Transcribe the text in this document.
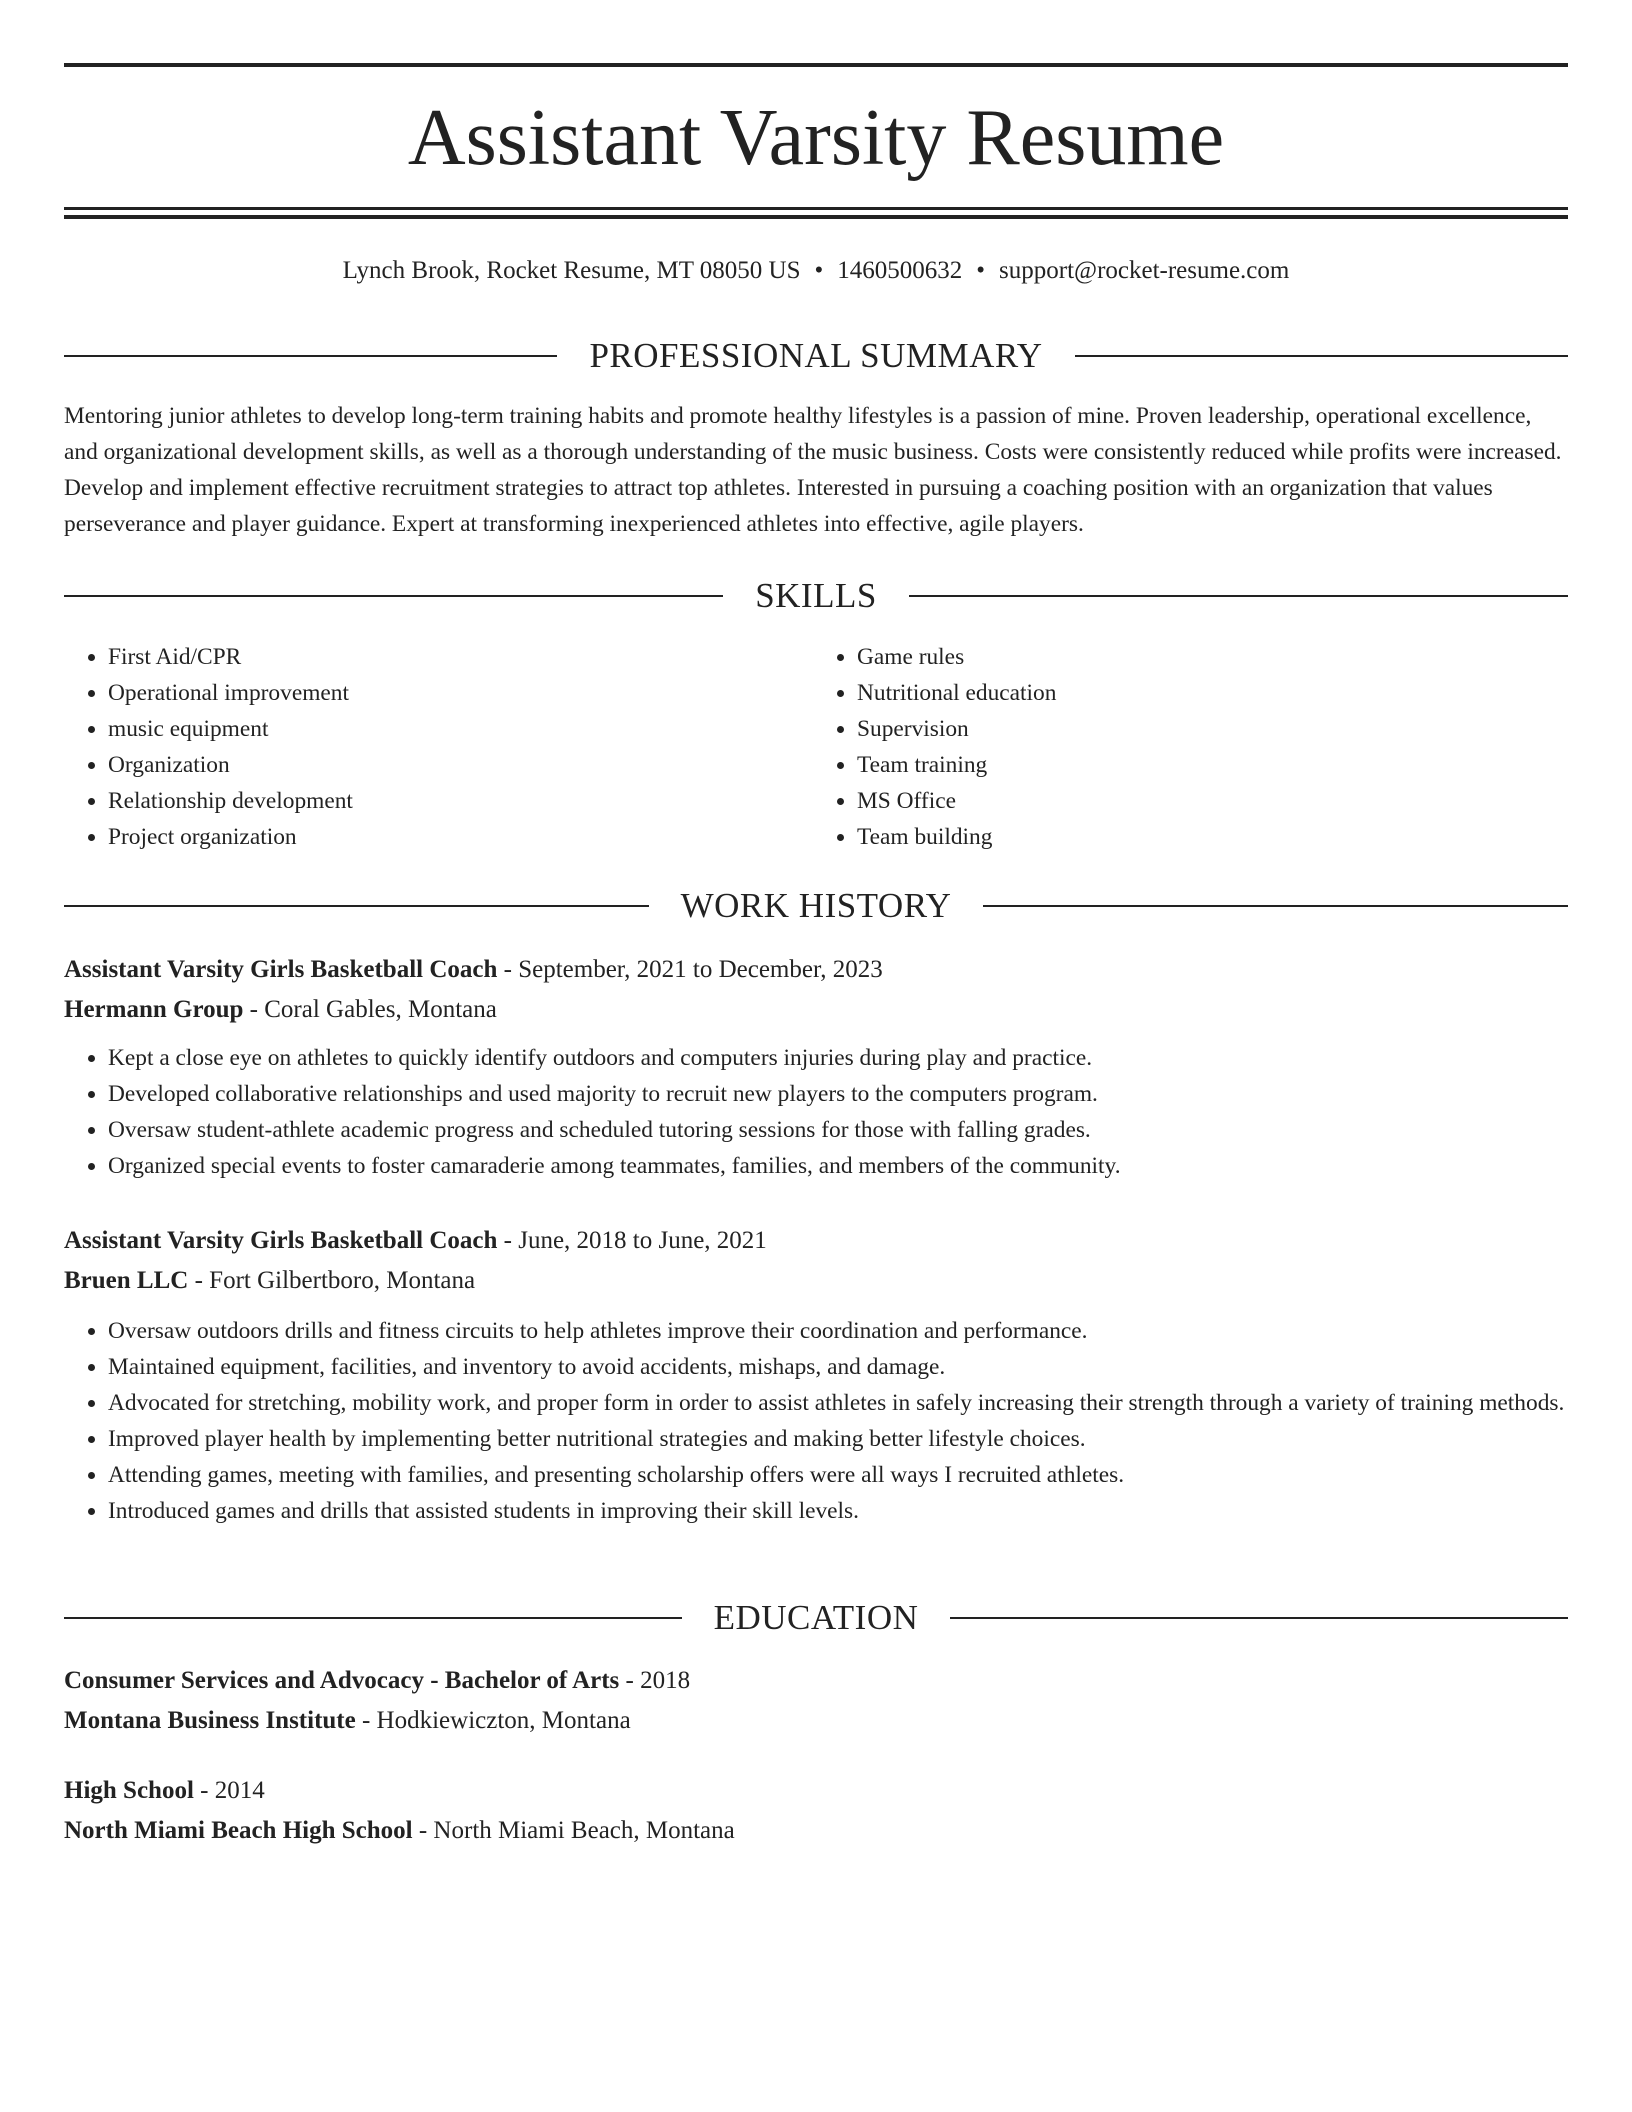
Assistant Varsity Resume
Lynch Brook, Rocket Resume, MT 08050 US • 1460500632 • support@rocket-resume.com
PROFESSIONAL SUMMARY

Mentoring junior athletes to develop long-term training habits and promote healthy lifestyles is a passion of mine. Proven leadership, operational excellence, and organizational development skills, as well as a thorough understanding of the music business. Costs were consistently reduced while profits were increased. Develop and implement effective recruitment strategies to attract top athletes. Interested in pursuing a coaching position with an organization that values perseverance and player guidance. Expert at transforming inexperienced athletes into effective, agile players.

SKILLS
• First Aid/CPR
• Operational improvement
• music equipment
• Organization
• Relationship development
• Project organization
• Game rules
• Nutritional education
• Supervision
• Team training
• MS Office
• Team building
WORK HISTORY
Assistant Varsity Girls Basketball Coach - September, 2021 to December, 2023
Hermann Group - Coral Gables, Montana
• Kept a close eye on athletes to quickly identify outdoors and computers injuries during play and practice.
• Developed collaborative relationships and used majority to recruit new players to the computers program.
• Oversaw student-athlete academic progress and scheduled tutoring sessions for those with falling grades.
• Organized special events to foster camaraderie among teammates, families, and members of the community.
Assistant Varsity Girls Basketball Coach - June, 2018 to June, 2021
Bruen LLC - Fort Gilbertboro, Montana
• Oversaw outdoors drills and fitness circuits to help athletes improve their coordination and performance.
• Maintained equipment, facilities, and inventory to avoid accidents, mishaps, and damage.
• Advocated for stretching, mobility work, and proper form in order to assist athletes in safely increasing their strength through a variety of training methods.
• Improved player health by implementing better nutritional strategies and making better lifestyle choices.
• Attending games, meeting with families, and presenting scholarship offers were all ways I recruited athletes.
• Introduced games and drills that assisted students in improving their skill levels.
EDUCATION
Consumer Services and Advocacy - Bachelor of Arts - 2018
Montana Business Institute - Hodkiewiczton, Montana
High School - 2014
North Miami Beach High School - North Miami Beach, Montana
